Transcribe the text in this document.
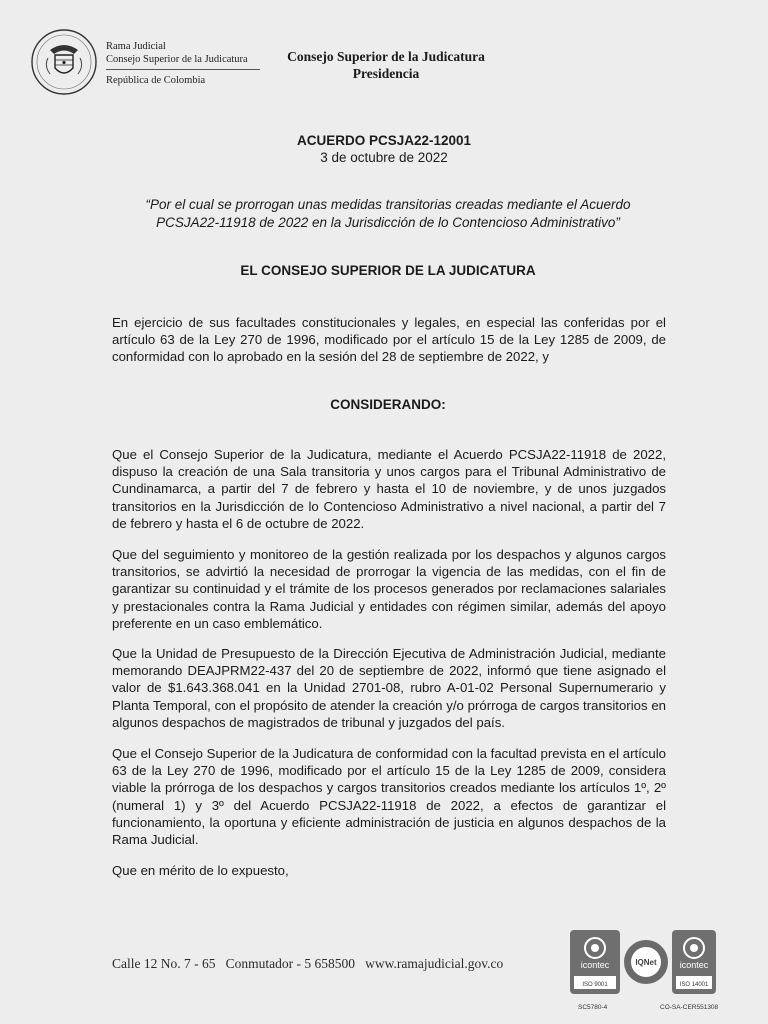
Rama Judicial
Consejo Superior de la Judicatura
República de Colombia
Consejo Superior de la Judicatura
Presidencia
ACUERDO PCSJA22-12001
3 de octubre de 2022
“Por el cual se prorrogan unas medidas transitorias creadas mediante el Acuerdo PCSJA22-11918 de 2022 en la Jurisdicción de lo Contencioso Administrativo”
EL CONSEJO SUPERIOR DE LA JUDICATURA
En ejercicio de sus facultades constitucionales y legales, en especial las conferidas por el artículo 63 de la Ley 270 de 1996, modificado por el artículo 15 de la Ley 1285 de 2009, de conformidad con lo aprobado en la sesión del 28 de septiembre de 2022, y
CONSIDERANDO:
Que el Consejo Superior de la Judicatura, mediante el Acuerdo PCSJA22-11918 de 2022, dispuso la creación de una Sala transitoria y unos cargos para el Tribunal Administrativo de Cundinamarca, a partir del 7 de febrero y hasta el 10 de noviembre, y de unos juzgados transitorios en la Jurisdicción de lo Contencioso Administrativo a nivel nacional, a partir del 7 de febrero y hasta el 6 de octubre de 2022.
Que del seguimiento y monitoreo de la gestión realizada por los despachos y algunos cargos transitorios, se advirtió la necesidad de prorrogar la vigencia de las medidas, con el fin de garantizar su continuidad y el trámite de los procesos generados por reclamaciones salariales y prestacionales contra la Rama Judicial y entidades con régimen similar, además del apoyo preferente en un caso emblemático.
Que la Unidad de Presupuesto de la Dirección Ejecutiva de Administración Judicial, mediante memorando DEAJPRM22-437 del 20 de septiembre de 2022, informó que tiene asignado el valor de $1.643.368.041 en la Unidad 2701-08, rubro A-01-02 Personal Supernumerario y Planta Temporal, con el propósito de atender la creación y/o prórroga de cargos transitorios en algunos despachos de magistrados de tribunal y juzgados del país.
Que el Consejo Superior de la Judicatura de conformidad con la facultad prevista en el artículo 63 de la Ley 270 de 1996, modificado por el artículo 15 de la Ley 1285 de 2009, considera viable la prórroga de los despachos y cargos transitorios creados mediante los artículos 1º, 2º (numeral 1) y 3º del Acuerdo PCSJA22-11918 de 2022, a efectos de garantizar el funcionamiento, la oportuna y eficiente administración de justicia en algunos despachos de la Rama Judicial.
Que en mérito de lo expuesto,
Calle 12 No. 7 - 65 Conmutador - 5 658500 www.ramajudicial.gov.co	icontec
ISO 9001
IQNet	icontec
ISO 14001
SC5780-4	CO-SA-CER551308
